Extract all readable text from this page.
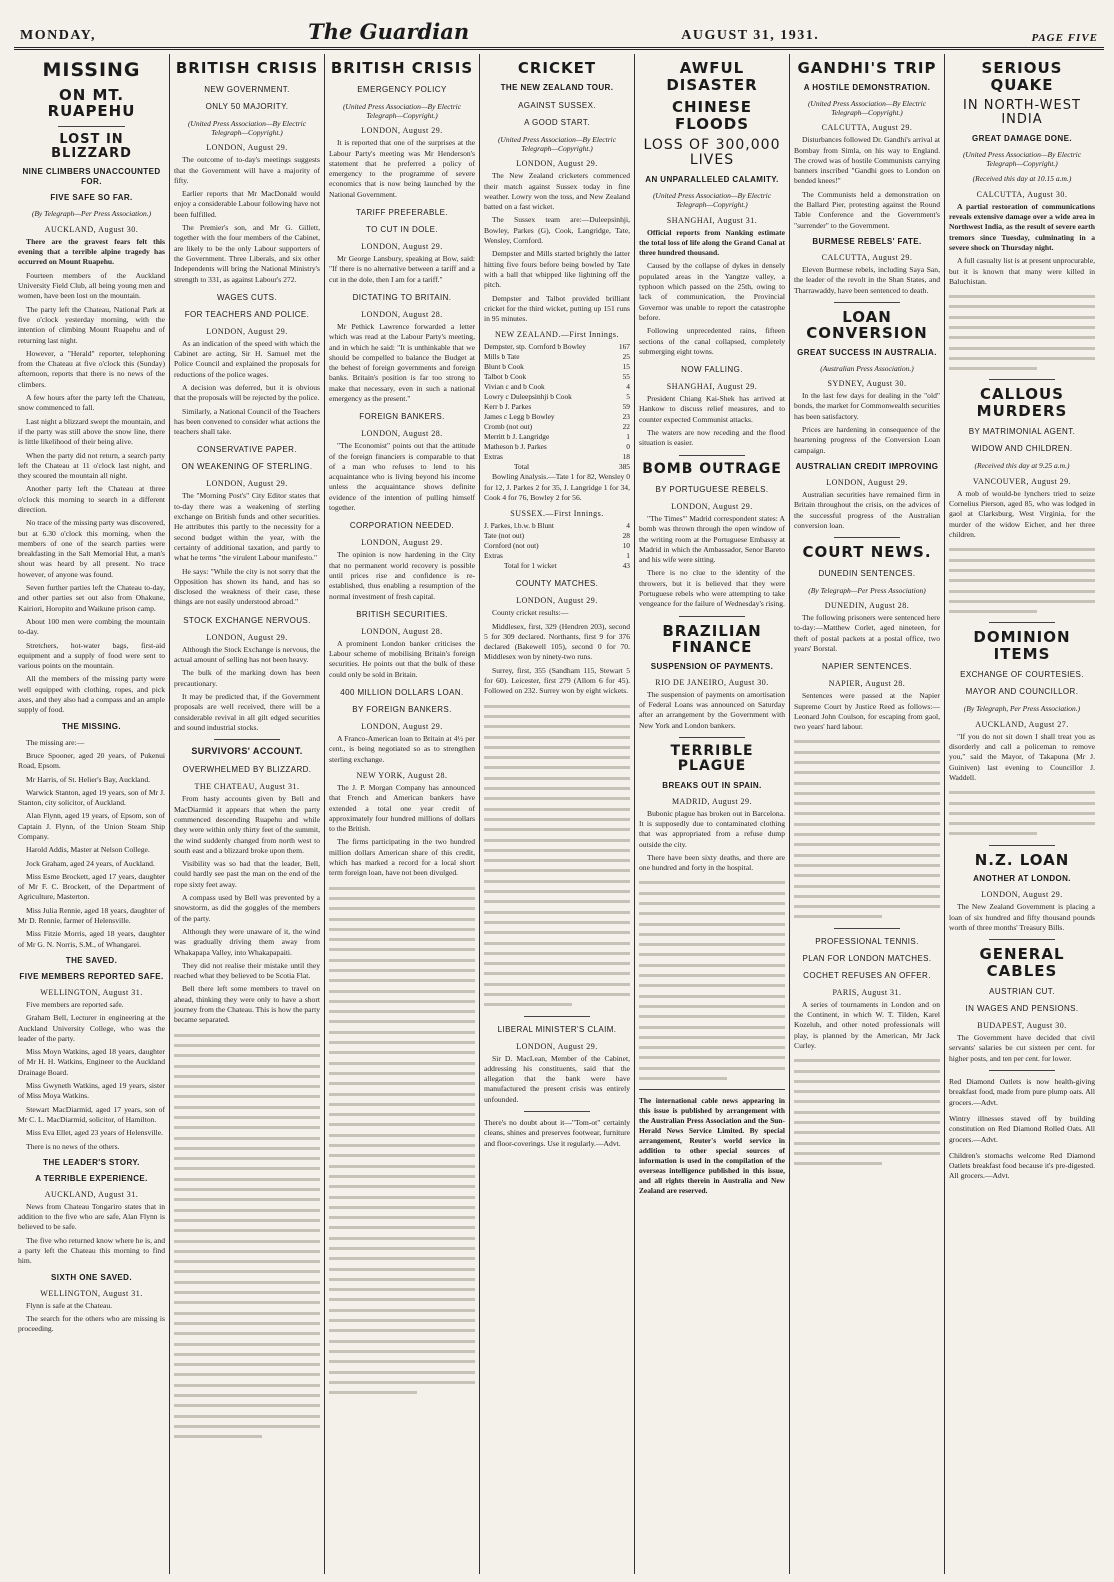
MONDAY,	The Guardian	AUGUST 31, 1931.	PAGE FIVE
MISSING
ON MT. RUAPEHU
LOST IN BLIZZARD
NINE CLIMBERS UNACCOUNTED FOR.
FIVE SAFE SO FAR.
(By Telegraph—Per Press Association.)
AUCKLAND, August 30.

There are the gravest fears felt this evening that a terrible alpine tragedy has occurred on Mount Ruapehu.

Fourteen members of the Auckland University Field Club, all being young men and women, have been lost on the mountain.

The party left the Chateau, National Park at five o'clock yesterday morning, with the intention of climbing Mount Ruapehu and of returning last night.

However, a "Herald" reporter, telephoning from the Chateau at five o'clock this (Sunday) afternoon, reports that there is no news of the climbers.

A few hours after the party left the Chateau, snow commenced to fall.

Last night a blizzard swept the mountain, and if the party was still above the snow line, there is little likelihood of their being alive.

When the party did not return, a search party left the Chateau at 11 o'clock last night, and they scoured the mountain all night.

Another party left the Chateau at three o'clock this morning to search in a different direction.

No trace of the missing party was discovered, but at 6.30 o'clock this morning, when the members of one of the search parties were breakfasting in the Salt Memorial Hut, a man's shout was heard by all present. No trace however, of anyone was found.

Seven further parties left the Chateau to-day, and other parties set out also from Ohakune, Kairiori, Horopito and Waikune prison camp.

About 100 men were combing the mountain to-day.

Stretchers, hot-water bags, first-aid equipment and a supply of food were sent to various points on the mountain.

All the members of the missing party were well equipped with clothing, ropes, and pick axes, and they also had a compass and an ample supply of food.

THE MISSING.

The missing are:—

Bruce Spooner, aged 20 years, of Pukenui Road, Epsom.

Mr Harris, of St. Helier's Bay, Auckland.

Warwick Stanton, aged 19 years, son of Mr J. Stanton, city solicitor, of Auckland.

Alan Flynn, aged 19 years, of Epsom, son of Captain J. Flynn, of the Union Steam Ship Company.

Harold Addis, Master at Nelson College.

Jock Graham, aged 24 years, of Auckland.

Miss Esme Brockett, aged 17 years, daughter of Mr F. C. Brockett, of the Department of Agriculture, Masterton.

Miss Julia Rennie, aged 18 years, daughter of Mr D. Rennie, farmer of Helensville.

Miss Fitzie Morris, aged 18 years, daughter of Mr G. N. Norris, S.M., of Whangarei.

THE SAVED.
FIVE MEMBERS REPORTED SAFE.
WELLINGTON, August 31.

Five members are reported safe.

Graham Bell, Lecturer in engineering at the Auckland University College, who was the leader of the party.

Miss Moyn Watkins, aged 18 years, daughter of Mr H. H. Watkins, Engineer to the Auckland Drainage Board.

Miss Gwyneth Watkins, aged 19 years, sister of Miss Moya Watkins.

Stewart MacDiarmid, aged 17 years, son of Mr C. L. MacDiarmid, solicitor, of Hamilton.

Miss Eva Ellet, aged 23 years of Helensville.

There is no news of the others.

THE LEADER'S STORY.
A TERRIBLE EXPERIENCE.
AUCKLAND, August 31.

News from Chateau Tongariro states that in addition to the five who are safe, Alan Flynn is believed to be safe.

The five who returned know where he is, and a party left the Chateau this morning to find him.

SIXTH ONE SAVED.
WELLINGTON, August 31.

Flynn is safe at the Chateau.

The search for the others who are missing is proceeding.

BRITISH CRISIS
NEW GOVERNMENT.
ONLY 50 MAJORITY.
(United Press Association—By Electric Telegraph—Copyright.)
LONDON, August 29.

The outcome of to-day's meetings suggests that the Government will have a majority of fifty.

Earlier reports that Mr MacDonald would enjoy a considerable Labour following have not been fulfilled.

The Premier's son, and Mr G. Gillett, together with the four members of the Cabinet, are likely to be the only Labour supporters of the Government. Three Liberals, and six other Independents will bring the National Ministry's strength to 331, as against Labour's 272.

WAGES CUTS.
FOR TEACHERS AND POLICE.
LONDON, August 29.

As an indication of the speed with which the Cabinet are acting, Sir H. Samuel met the Police Council and explained the proposals for reductions of the police wages.

A decision was deferred, but it is obvious that the proposals will be rejected by the police.

Similarly, a National Council of the Teachers has been convened to consider what actions the teachers shall take.

CONSERVATIVE PAPER.
ON WEAKENING OF STERLING.
LONDON, August 29.

The "Morning Post's" City Editor states that to-day there was a weakening of sterling exchange on British funds and other securities. He attributes this partly to the necessity for a second budget within the year, with the certainty of additional taxation, and partly to what he terms "the virulent Labour manifesto."

He says: "While the city is not sorry that the Opposition has shown its hand, and has so disclosed the weakness of their case, these things are not easily understood abroad."

STOCK EXCHANGE NERVOUS.
LONDON, August 29.

Although the Stock Exchange is nervous, the actual amount of selling has not been heavy.

The bulk of the marking down has been precautionary.

It may be predicted that, if the Government proposals are well received, there will be a considerable revival in all gilt edged securities and sound industrial stocks.

SURVIVORS' ACCOUNT.
OVERWHELMED BY BLIZZARD.
THE CHATEAU, August 31.

From hasty accounts given by Bell and MacDiarmid it appears that when the party commenced descending Ruapehu and while they were within only thirty feet of the summit, the wind suddenly changed from north west to south east and a blizzard broke upon them.

Visibility was so bad that the leader, Bell, could hardly see past the man on the end of the rope sixty feet away.

A compass used by Bell was prevented by a snowstorm, as did the goggles of the members of the party.

Although they were unaware of it, the wind was gradually driving them away from Whakapapa Valley, into Whakapapaiti.

They did not realise their mistake until they reached what they believed to be Scotia Flat.

Bell there left some members to travel on ahead, thinking they were only to have a short journey from the Chateau. This is how the party became separated.

BRITISH CRISIS
EMERGENCY POLICY
(United Press Association—By Electric Telegraph—Copyright.)
LONDON, August 29.

It is reported that one of the surprises at the Labour Party's meeting was Mr Henderson's statement that he preferred a policy of emergency to the programme of severe economics that is now being launched by the National Government.

TARIFF PREFERABLE.
TO CUT IN DOLE.
LONDON, August 29.

Mr George Lansbury, speaking at Bow, said: "If there is no alternative between a tariff and a cut in the dole, then I am for a tariff."

DICTATING TO BRITAIN.
LONDON, August 28.

Mr Pethick Lawrence forwarded a letter which was read at the Labour Party's meeting, and in which he said: "It is unthinkable that we should be compelled to balance the Budget at the behest of foreign governments and foreign banks. Britain's position is far too strong to make that necessary, even in such a national emergency as the present."

FOREIGN BANKERS.
LONDON, August 28.

"The Economist" points out that the attitude of the foreign financiers is comparable to that of a man who refuses to lend to his acquaintance who is living beyond his income unless the acquaintance shows definite evidence of the intention of pulling himself together.

CORPORATION NEEDED.
LONDON, August 29.

The opinion is now hardening in the City that no permanent world recovery is possible until prices rise and confidence is re-established, thus enabling a resumption of the normal investment of fresh capital.

BRITISH SECURITIES.
LONDON, August 28.

A prominent London banker criticises the Labour scheme of mobilising Britain's foreign securities. He points out that the bulk of these could only be sold in Britain.

400 MILLION DOLLARS LOAN.
BY FOREIGN BANKERS.
LONDON, August 29.

A Franco-American loan to Britain at 4½ per cent., is being negotiated so as to strengthen sterling exchange.

NEW YORK, August 28.

The J. P. Morgan Company has announced that French and American bankers have extended a total one year credit of approximately four hundred millions of dollars to the British.

The firms participating in the two hundred million dollars American share of this credit, which has marked a record for a local short term foreign loan, have not been divulged.

CRICKET
THE NEW ZEALAND TOUR.
AGAINST SUSSEX.
A GOOD START.
(United Press Association—By Electric Telegraph—Copyright.)
LONDON, August 29.

The New Zealand cricketers commenced their match against Sussex today in fine weather. Lowry won the toss, and New Zealand batted on a fast wicket.

The Sussex team are:—Duleepsinhji, Bowley, Parkes (G), Cook, Langridge, Tate, Wensley, Cornford.

Dempster and Mills started brightly the latter hitting five fours before being bowled by Tate with a ball that whipped like lightning off the pitch.

Dempster and Talbot provided brilliant cricket for the third wicket, putting up 151 runs in 95 minutes.

NEW ZEALAND.—First Innings.
Dempster, stp. Cornford b Bowley	167
Mills b Tate	25
Blunt b Cook	15
Talbot b Cook	55
Vivian c and b Cook	4
Lowry c Duleepsinhji b Cook	5
Kerr b J. Parkes	59
James c Legg b Bowley	23
Cromb (not out)	22
Merritt b J. Langridge	1
Matheson b J. Parkes	0
Extras	18
Total	385

Bowling Analysis.—Tate 1 for 82, Wensley 0 for 12, J. Parkes 2 for 35, J. Langridge 1 for 34, Cook 4 for 76, Bowley 2 for 56.

SUSSEX.—First Innings.
J. Parkes, l.b.w. b Blunt	4
Tate (not out)	28
Cornford (not out)	10
Extras	1
Total for 1 wicket	43
COUNTY MATCHES.
LONDON, August 29.

County cricket results:—

Middlesex, first, 329 (Hendren 203), second 5 for 309 declared. Northants, first 9 for 376 declared (Bakewell 105), second 0 for 70. Middlesex won by ninety-two runs.

Surrey, first, 355 (Sandham 115, Stewart 5 for 60). Leicester, first 279 (Allom 6 for 45). Followed on 232. Surrey won by eight wickets.

LIBERAL MINISTER'S CLAIM.
LONDON, August 29.

Sir D. MacLean, Member of the Cabinet, addressing his constituents, said that the allegation that the bank were have manufactured the present crisis was entirely unfounded.

There's no doubt about it—"Tom-ot" certainly cleans, shines and preserves footwear, furniture and floor-coverings. Use it regularly.—Advt.

AWFUL DISASTER
CHINESE FLOODS
LOSS OF 300,000 LIVES
AN UNPARALLELED CALAMITY.
(United Press Association—By Electric Telegraph—Copyright.)
SHANGHAI, August 31.

Official reports from Nanking estimate the total loss of life along the Grand Canal at three hundred thousand.

Caused by the collapse of dykes in densely populated areas in the Yangtze valley, a typhoon which passed on the 25th, owing to lack of communication, the Provincial Governor was unable to report the catastrophe before.

Following unprecedented rains, fifteen sections of the canal collapsed, completely submerging eight towns.

NOW FALLING.
SHANGHAI, August 29.

President Chiang Kai-Shek has arrived at Hankow to discuss relief measures, and to counter expected Communist attacks.

The waters are now receding and the flood situation is easier.

BOMB OUTRAGE
BY PORTUGUESE REBELS.
LONDON, August 29.

"The Times'" Madrid correspondent states: A bomb was thrown through the open window of the writing room at the Portuguese Embassy at Madrid in which the Ambassador, Senor Bareto and his wife were sitting.

There is no clue to the identity of the throwers, but it is believed that they were Portuguese rebels who were attempting to take vengeance for the failure of Wednesday's rising.

BRAZILIAN FINANCE
SUSPENSION OF PAYMENTS.
RIO DE JANEIRO, August 30.

The suspension of payments on amortisation of Federal Loans was announced on Saturday after an arrangement by the Government with New York and London bankers.

TERRIBLE PLAGUE
BREAKS OUT IN SPAIN.
MADRID, August 29.

Bubonic plague has broken out in Barcelona. It is supposedly due to contaminated clothing that was appropriated from a refuse dump outside the city.

There have been sixty deaths, and there are one hundred and forty in the hospital.

The international cable news appearing in this issue is published by arrangement with the Australian Press Association and the Sun-Herald News Service Limited. By special arrangement, Reuter's world service in addition to other special sources of information is used in the compilation of the overseas intelligence published in this issue, and all rights therein in Australia and New Zealand are reserved.

GANDHI'S TRIP
A HOSTILE DEMONSTRATION.
(United Press Association—By Electric Telegraph—Copyright.)
CALCUTTA, August 29.

Disturbances followed Dr. Gandhi's arrival at Bombay from Simla, on his way to England. The crowd was of hostile Communists carrying banners inscribed "Gandhi goes to London on bended knees!"

The Communists held a demonstration on the Ballard Pier, protesting against the Round Table Conference and the Government's "surrender" to the Government.

BURMESE REBELS' FATE.
CALCUTTA, August 29.

Eleven Burmese rebels, including Saya San, the leader of the revolt in the Shan States, and Tharrawaddy, have been sentenced to death.

LOAN CONVERSION
GREAT SUCCESS IN AUSTRALIA.
(Australian Press Association.)
SYDNEY, August 30.

In the last few days for dealing in the "old" bonds, the market for Commonwealth securities has been satisfactory.

Prices are hardening in consequence of the heartening progress of the Conversion Loan campaign.

AUSTRALIAN CREDIT IMPROVING
LONDON, August 29.

Australian securities have remained firm in Britain throughout the crisis, on the advices of the successful progress of the Australian conversion loan.

COURT NEWS.
DUNEDIN SENTENCES.
(By Telegraph—Per Press Association)
DUNEDIN, August 28.

The following prisoners were sentenced here to-day:—Matthew Corlet, aged nineteen, for theft of postal packets at a postal office, two years' Borstal.

NAPIER SENTENCES.
NAPIER, August 28.

Sentences were passed at the Napier Supreme Court by Justice Reed as follows:—Leonard John Coulson, for escaping from gaol, two years' hard labour.

PROFESSIONAL TENNIS.
PLAN FOR LONDON MATCHES.
COCHET REFUSES AN OFFER.
PARIS, August 31.

A series of tournaments in London and on the Continent, in which W. T. Tilden, Karel Kozeluh, and other noted professionals will play, is planned by the American, Mr Jack Curley.

SERIOUS QUAKE
IN NORTH-WEST INDIA
GREAT DAMAGE DONE.
(United Press Association—By Electric Telegraph—Copyright.)
(Received this day at 10.15 a.m.)
CALCUTTA, August 30.

A partial restoration of communications reveals extensive damage over a wide area in Northwest India, as the result of severe earth tremors since Tuesday, culminating in a severe shock on Thursday night.

A full casualty list is at present unprocurable, but it is known that many were killed in Baluchistan.

CALLOUS MURDERS
BY MATRIMONIAL AGENT.
WIDOW AND CHILDREN.
(Received this day at 9.25 a.m.)
VANCOUVER, August 29.

A mob of would-be lynchers tried to seize Cornelius Pierson, aged 85, who was lodged in gaol at Clarksburg, West Virginia, for the murder of the widow Eicher, and her three children.

DOMINION ITEMS
EXCHANGE OF COURTESIES.
MAYOR AND COUNCILLOR.
(By Telegraph, Per Press Association.)
AUCKLAND, August 27.

"If you do not sit down I shall treat you as disorderly and call a policeman to remove you," said the Mayor, of Takapuna (Mr J. Guiniven) last evening to Councillor J. Waddell.

N.Z. LOAN
ANOTHER AT LONDON.
LONDON, August 29.

The New Zealand Government is placing a loan of six hundred and fifty thousand pounds worth of three months' Treasury Bills.

GENERAL CABLES
AUSTRIAN CUT.
IN WAGES AND PENSIONS.
BUDAPEST, August 30.

The Government have decided that civil servants' salaries be cut sixteen per cent. for higher posts, and ten per cent. for lower.

Red Diamond Oatlets is now health-giving breakfast food, made from pure plump oats. All grocers.—Advt.

Wintry illnesses staved off by building constitution on Red Diamond Rolled Oats. All grocers.—Advt.

Children's stomachs welcome Red Diamond Oatlets breakfast food because it's pre-digested. All grocers.—Advt.
